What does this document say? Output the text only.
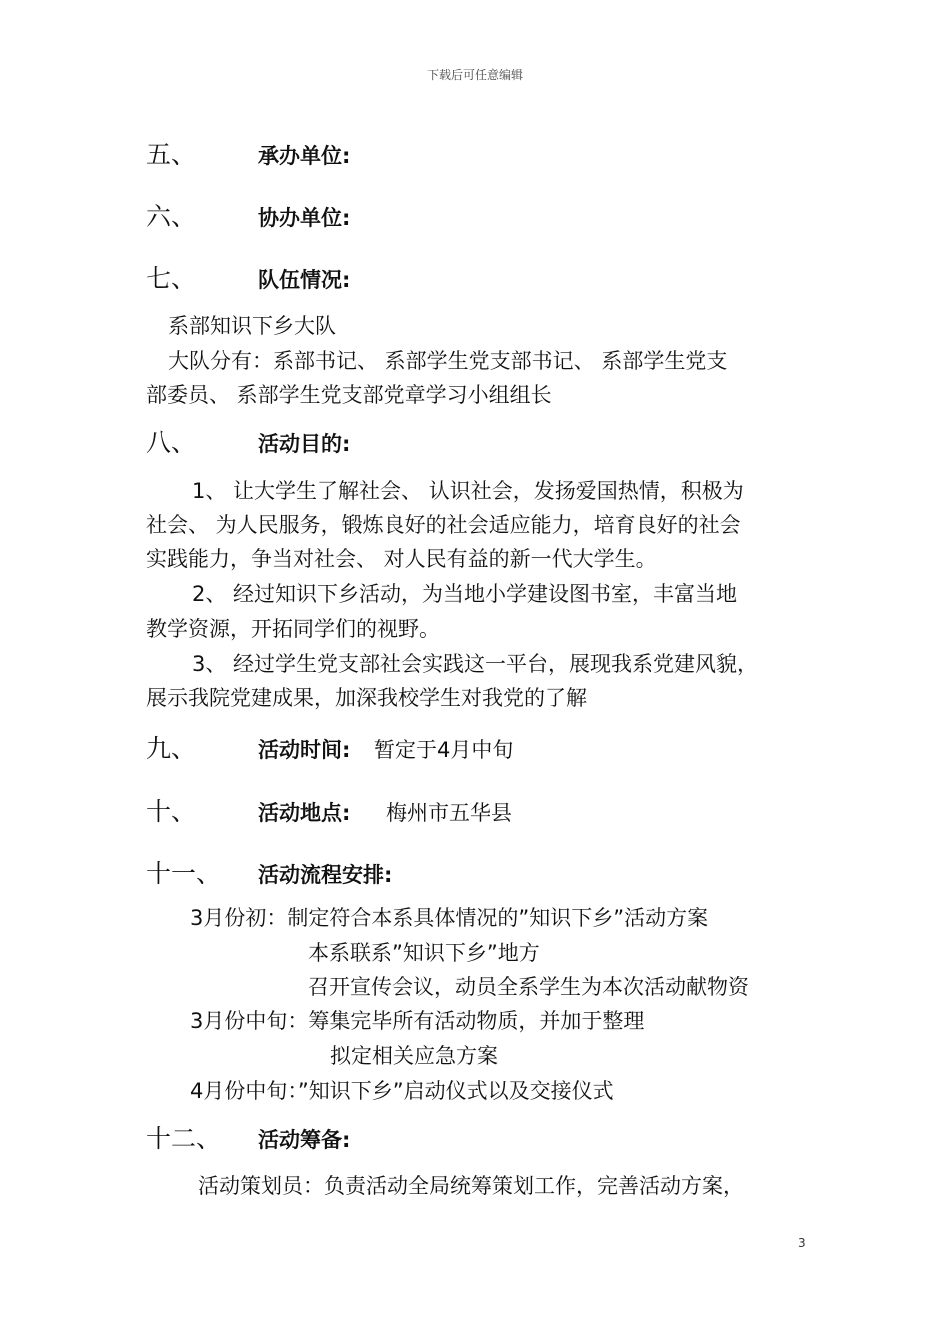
下载后可任意编辑
五、	承办单位:
六、	协办单位:
七、	队伍情况:
系部知识下乡大队
大队分有：系部书记、 系部学生党支部书记、 系部学生党支
部委员、 系部学生党支部党章学习小组组长
八、	活动目的:
1、 让大学生了解社会、 认识社会，发扬爱国热情，积极为
社会、 为人民服务，锻炼良好的社会适应能力，培育良好的社会
实践能力，争当对社会、 对人民有益的新一代大学生。
2、 经过知识下乡活动，为当地小学建设图书室，丰富当地
教学资源，开拓同学们的视野。
3、 经过学生党支部社会实践这一平台，展现我系党建风貌，
展示我院党建成果，加深我校学生对我党的了解
九、	活动时间: 暂定于4月中旬
十、	活动地点: 梅州市五华县
十一、 活动流程安排:
3月份初：制定符合本系具体情况的”知识下乡”活动方案
本系联系”知识下乡”地方
召开宣传会议，动员全系学生为本次活动献物资
3月份中旬：筹集完毕所有活动物质，并加于整理
拟定相关应急方案
4月份中旬：”知识下乡”启动仪式以及交接仪式
十二、 活动筹备:
活动策划员：负责活动全局统筹策划工作，完善活动方案，
3
